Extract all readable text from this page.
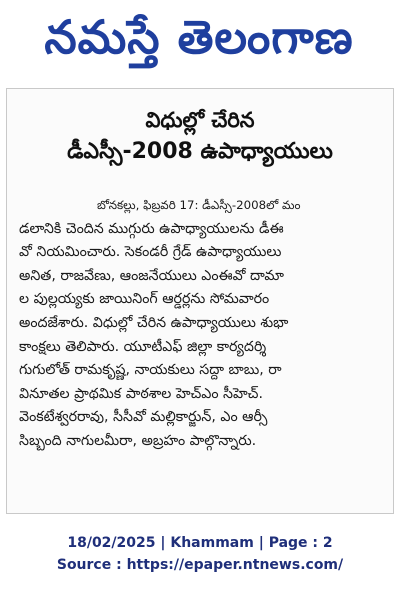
నమస్తే తెలంగాణ
విధుల్లో చేరిన
డీఎస్సీ-2008 ఉపాధ్యాయులు
బోనకల్లు, ఫిబ్రవరి 17: డీఎస్సీ-2008లో మం
డలానికి చెందిన ముగ్గురు ఉపాధ్యాయులను డీఈ
వో నియమించారు. సెకండరీ గ్రేడ్ ఉపాధ్యాయులు
అనిత, రాజవేణు, ఆంజనేయులు ఎంఈవో దామా
ల పుల్లయ్యకు జాయినింగ్ ఆర్డర్లను సోమవారం
అందజేశారు. విధుల్లో చేరిన ఉపాధ్యాయులు శుభా
కాంక్షలు తెలిపారు. యూటీఎఫ్ జిల్లా కార్యదర్శి
గుగులోత్ రామకృష్ణ, నాయకులు సద్దా బాబు, రా
వినూతల ప్రాథమిక పాఠశాల హెచ్ఎం సీహెచ్.
వెంకటేశ్వరరావు, సీసీవో మల్లికార్జున్, ఎం ఆర్సీ
సిబ్బంది నాగులమీరా, అబ్రహం పాల్గొన్నారు.
18/02/2025 | Khammam | Page : 2
Source : https://epaper.ntnews.com/
